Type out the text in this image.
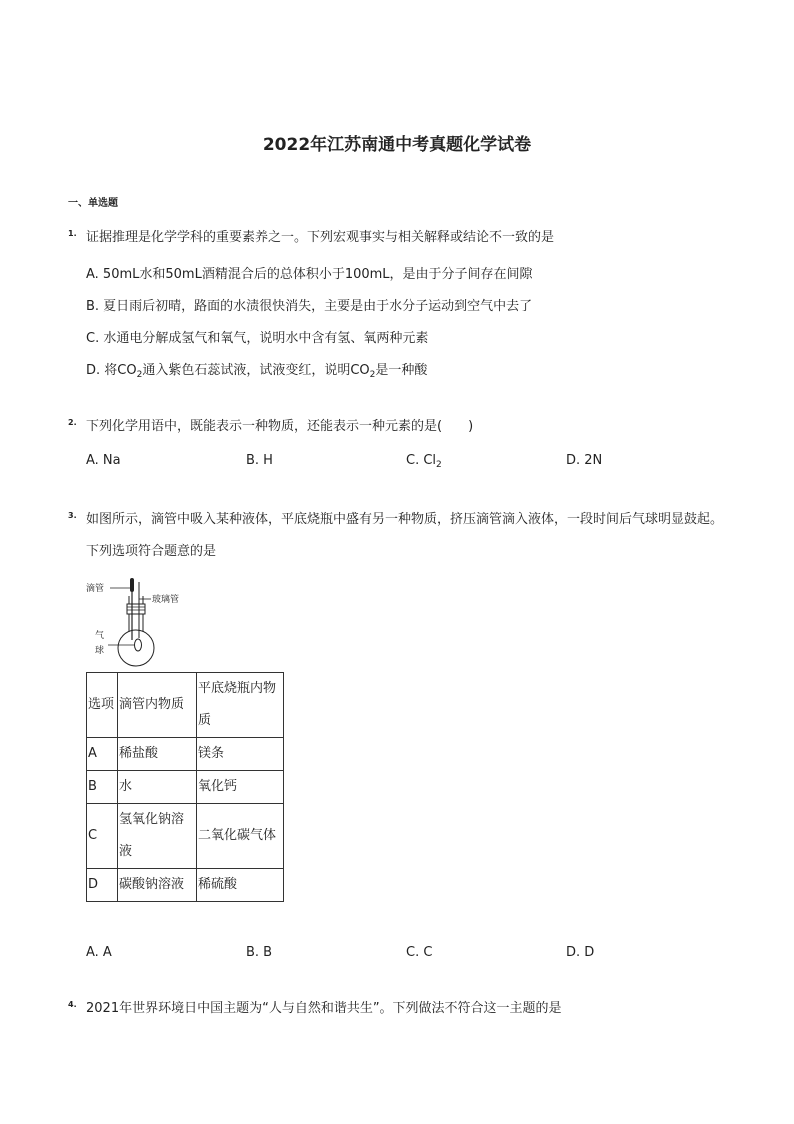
2022年江苏南通中考真题化学试卷
一、单选题
1. 证据推理是化学学科的重要素养之一。下列宏观事实与相关解释或结论不一致的是
A. 50mL水和50mL酒精混合后的总体积小于100mL，是由于分子间存在间隙
B. 夏日雨后初晴，路面的水渍很快消失，主要是由于水分子运动到空气中去了
C. 水通电分解成氢气和氧气，说明水中含有氢、氧两种元素
D. 将$CO_2$通入紫色石蕊试液，试液变红，说明$CO_2$是一种酸
2. 下列化学用语中，既能表示一种物质，还能表示一种元素的是(　　)
A. Na	B. H	C. $Cl_2$	D. 2N
3. 如图所示，滴管中吸入某种液体，平底烧瓶中盛有另一种物质，挤压滴管滴入液体，一段时间后气球明显鼓起。下列选项符合题意的是
滴管
玻璃管
气
球
选项	滴管内物质	平底烧瓶内物质
A	稀盐酸	镁条
B	水	氧化钙
C	氢氧化钠溶液	二氧化碳气体
D	碳酸钠溶液	稀硫酸
A. A	B. B	C. C	D. D
4. 2021年世界环境日中国主题为“人与自然和谐共生”。下列做法不符合这一主题的是
